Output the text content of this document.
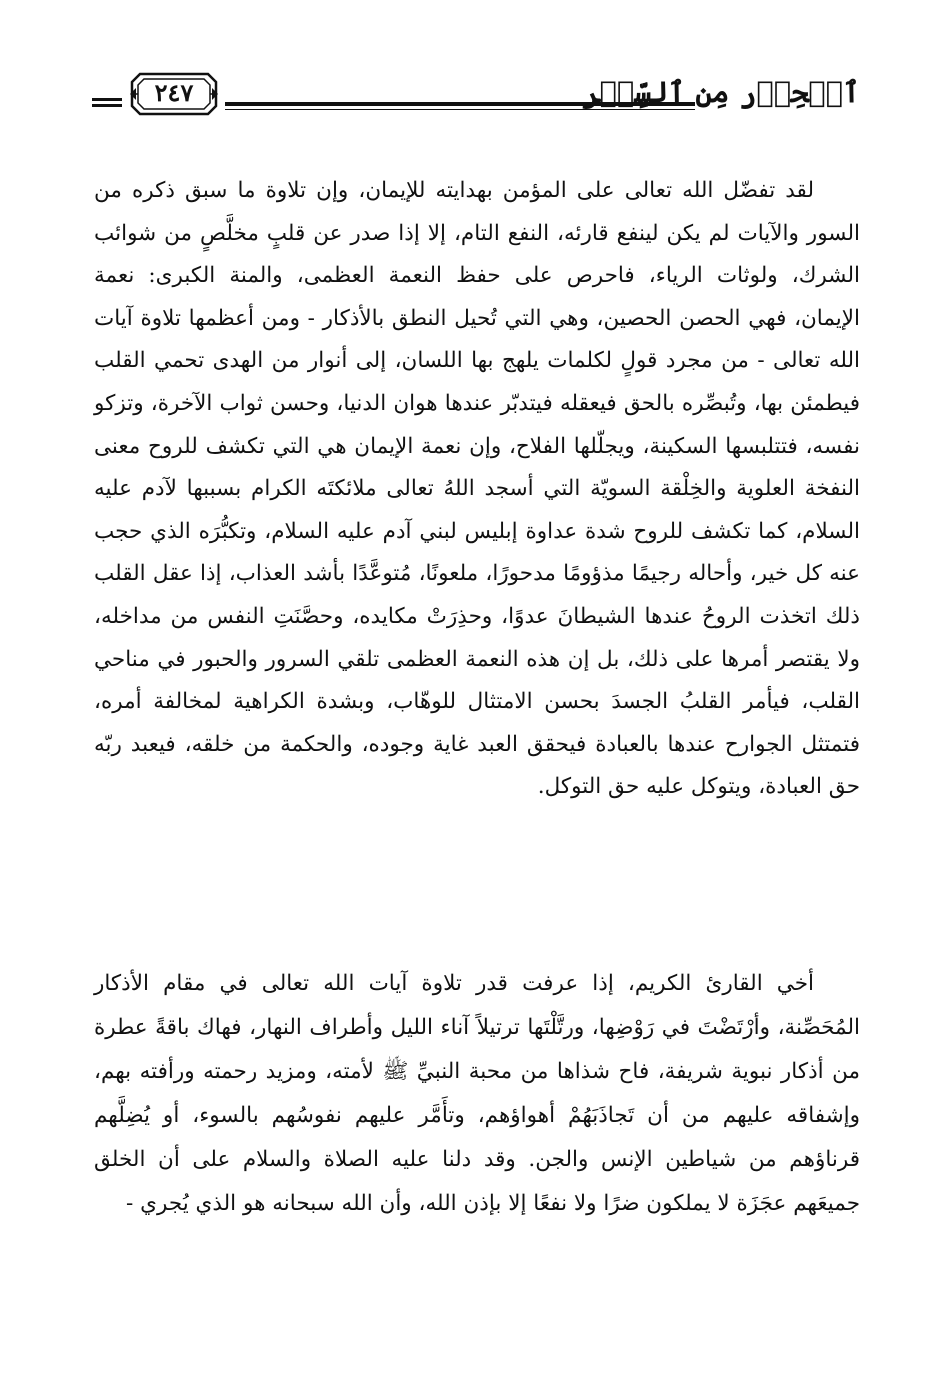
٢٤٧	ٱلۡحِذۡر مِن ٱلسِّحۡر

لقد تفضّل الله تعالى على المؤمن بهدايته للإيمان، وإن تلاوة ما سبق ذكره من السور والآيات لم يكن لينفع قارئه، النفع التام، إلا إذا صدر عن قلبٍ مخلَّصٍ من شوائب الشرك، ولوثات الرياء، فاحرص على حفظ النعمة العظمى، والمنة الكبرى: نعمة الإيمان، فهي الحصن الحصين، وهي التي تُحيل النطق بالأذكار - ومن أعظمها تلاوة آيات الله تعالى - من مجرد قولٍ لكلمات يلهج بها اللسان، إلى أنوار من الهدى تحمي القلب فيطمئن بها، وتُبصِّره بالحق فيعقله فيتدبّر عندها هوان الدنيا، وحسن ثواب الآخرة، وتزكو نفسه، فتتلبسها السكينة، ويجلّلها الفلاح، وإن نعمة الإيمان هي التي تكشف للروح معنى النفخة العلوية والخِلْقة السويّة التي أسجد اللهُ تعالى ملائكتَه الكرام بسببها لآدم عليه السلام، كما تكشف للروح شدة عداوة إبليس لبني آدم عليه السلام، وتكبُّرَه الذي حجب عنه كل خير، وأحاله رجيمًا مذؤومًا مدحورًا، ملعونًا، مُتوعَّدًا بأشد العذاب، إذا عقل القلب ذلك اتخذت الروحُ عندها الشيطانَ عدوًا، وحذِرَتْ مكايده، وحصَّنَتِ النفس من مداخله، ولا يقتصر أمرها على ذلك، بل إن هذه النعمة العظمى تلقي السرور والحبور في مناحي القلب، فيأمر القلبُ الجسدَ بحسن الامتثال للوهّاب، وبشدة الكراهية لمخالفة أمره، فتمتثل الجوارح عندها بالعبادة فيحقق العبد غاية وجوده، والحكمة من خلقه، فيعبد ربّه حق العبادة، ويتوكل عليه حق التوكل.

أخي القارئ الكريم، إذا عرفت قدر تلاوة آيات الله تعالى في مقام الأذكار المُحَصِّنة، وأرْتَضْتَ في رَوْضِها، ورتَّلْتَها ترتيلاً آناء الليل وأطراف النهار، فهاك باقةً عطرة من أذكار نبوية شريفة، فاح شذاها من محبة النبيِّ ﷺ لأمته، ومزيد رحمته ورأفته بهم، وإشفاقه عليهم من أن تَجاذَبَهُمْ أهواؤهم، وتأَمَّر عليهم نفوسُهم بالسوء، أو يُضِلَّهم قرناؤهم من شياطين الإنس والجن. وقد دلنا عليه الصلاة والسلام على أن الخلق جميعَهم عجَزَة لا يملكون ضرًا ولا نفعًا إلا بإذن الله، وأن الله سبحانه هو الذي يُجري -
